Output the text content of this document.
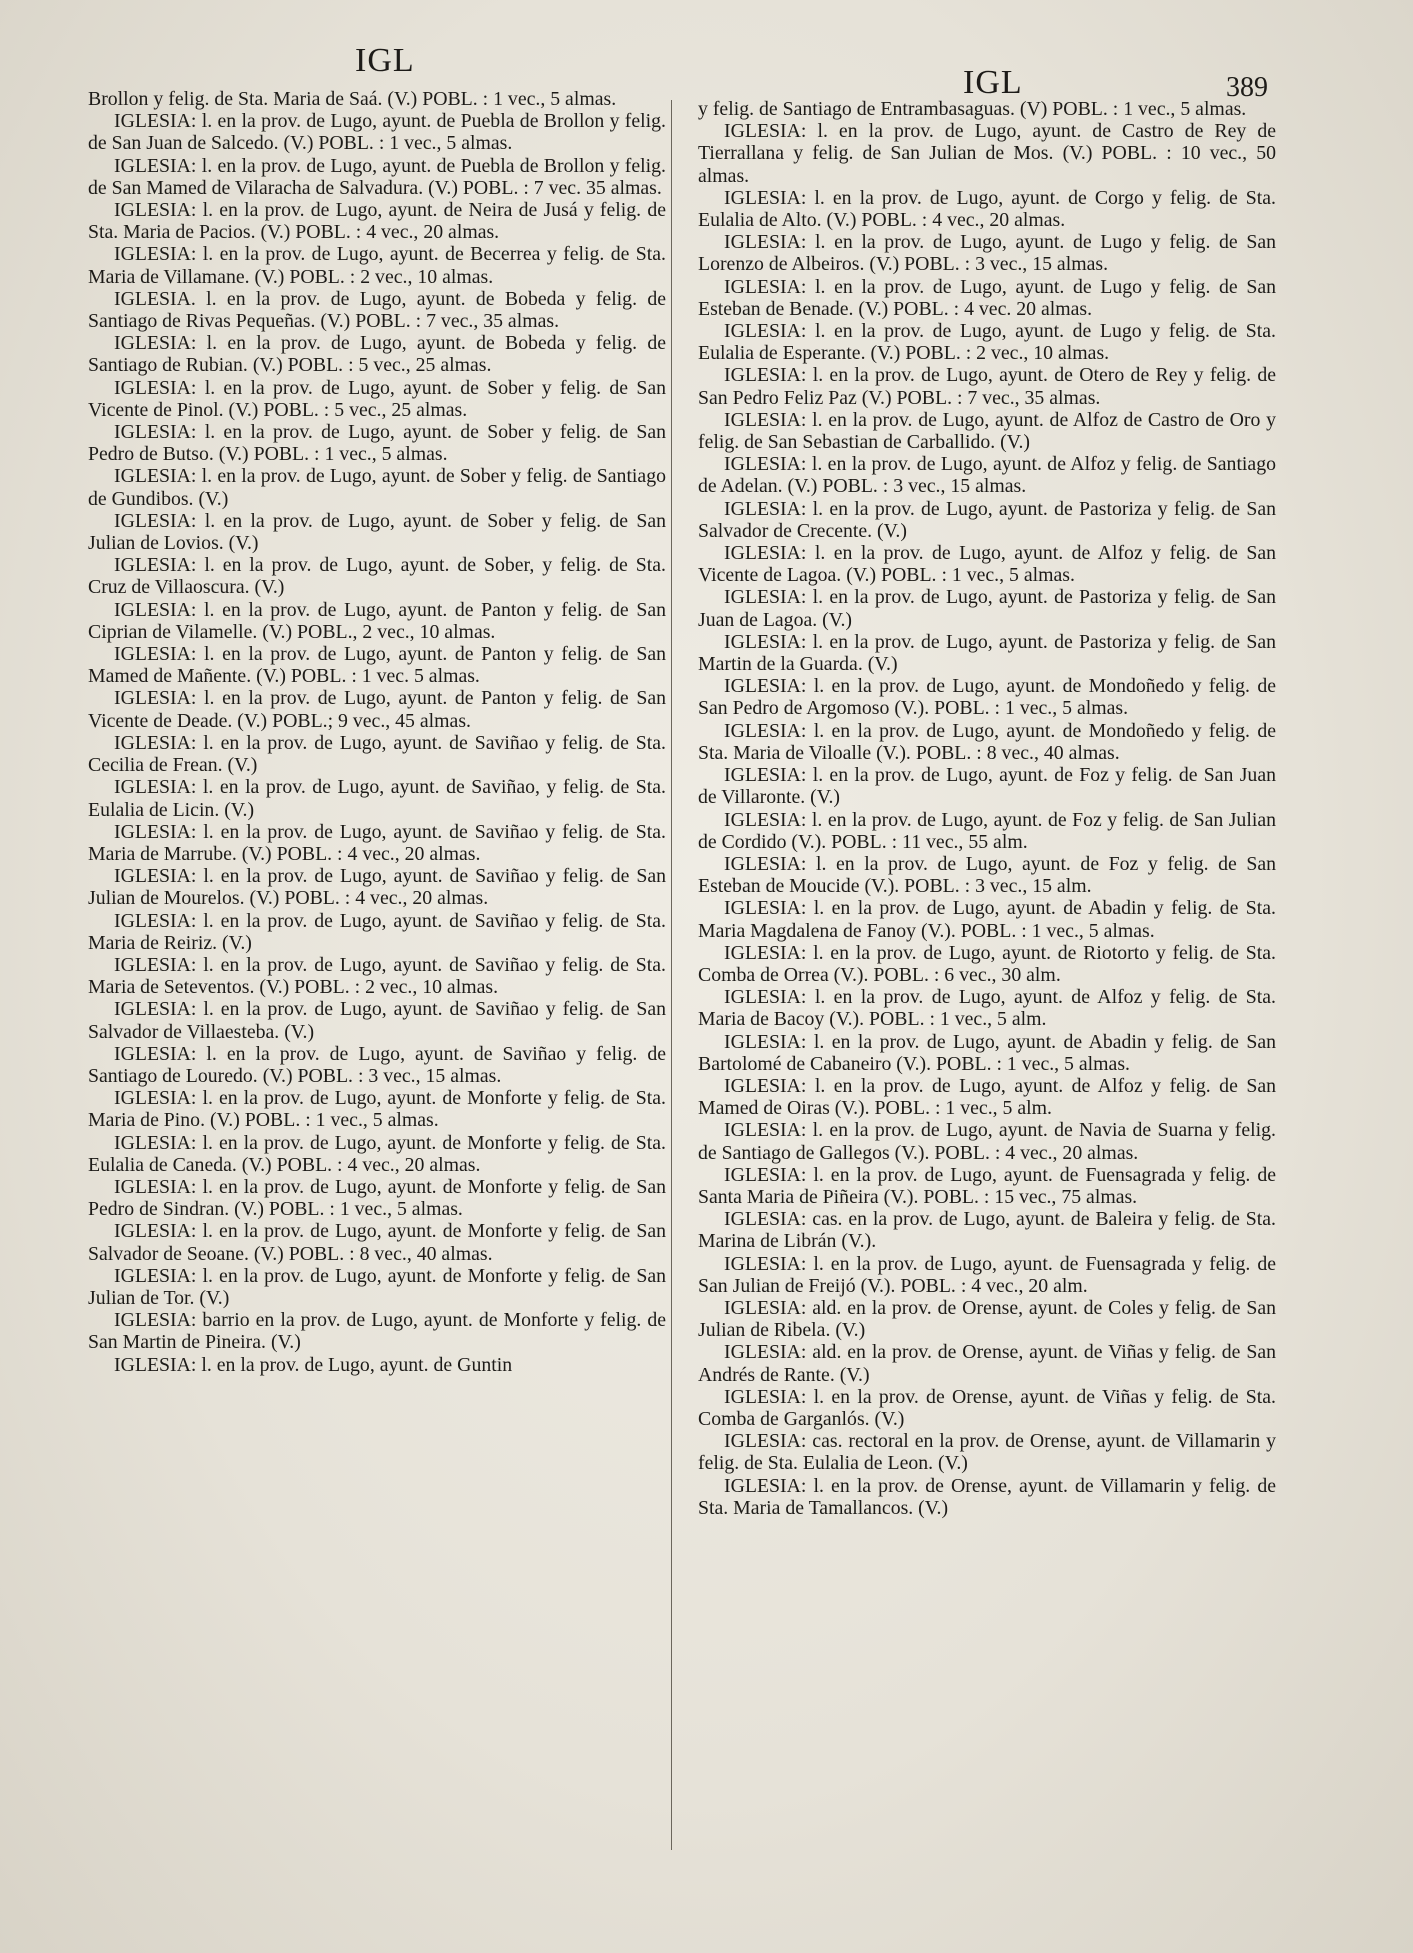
IGL
IGL	389

Brollon y felig. de Sta. Maria de Saá. (V.) POBL. : 1 vec., 5 almas.

IGLESIA: l. en la prov. de Lugo, ayunt. de Puebla de Brollon y felig. de San Juan de Salcedo. (V.) POBL. : 1 vec., 5 almas.

IGLESIA: l. en la prov. de Lugo, ayunt. de Puebla de Brollon y felig. de San Mamed de Vilaracha de Salvadura. (V.) POBL. : 7 vec. 35 almas.

IGLESIA: l. en la prov. de Lugo, ayunt. de Neira de Jusá y felig. de Sta. Maria de Pacios. (V.) POBL. : 4 vec., 20 almas.

IGLESIA: l. en la prov. de Lugo, ayunt. de Becerrea y felig. de Sta. Maria de Villamane. (V.) POBL. : 2 vec., 10 almas.

IGLESIA. l. en la prov. de Lugo, ayunt. de Bobeda y felig. de Santiago de Rivas Pequeñas. (V.) POBL. : 7 vec., 35 almas.

IGLESIA: l. en la prov. de Lugo, ayunt. de Bobeda y felig. de Santiago de Rubian. (V.) POBL. : 5 vec., 25 almas.

IGLESIA: l. en la prov. de Lugo, ayunt. de Sober y felig. de San Vicente de Pinol. (V.) POBL. : 5 vec., 25 almas.

IGLESIA: l. en la prov. de Lugo, ayunt. de Sober y felig. de San Pedro de Butso. (V.) POBL. : 1 vec., 5 almas.

IGLESIA: l. en la prov. de Lugo, ayunt. de Sober y felig. de Santiago de Gundibos. (V.)

IGLESIA: l. en la prov. de Lugo, ayunt. de Sober y felig. de San Julian de Lovios. (V.)

IGLESIA: l. en la prov. de Lugo, ayunt. de Sober, y felig. de Sta. Cruz de Villaoscura. (V.)

IGLESIA: l. en la prov. de Lugo, ayunt. de Panton y felig. de San Ciprian de Vilamelle. (V.) POBL., 2 vec., 10 almas.

IGLESIA: l. en la prov. de Lugo, ayunt. de Panton y felig. de San Mamed de Mañente. (V.) POBL. : 1 vec. 5 almas.

IGLESIA: l. en la prov. de Lugo, ayunt. de Panton y felig. de San Vicente de Deade. (V.) POBL.; 9 vec., 45 almas.

IGLESIA: l. en la prov. de Lugo, ayunt. de Saviñao y felig. de Sta. Cecilia de Frean. (V.)

IGLESIA: l. en la prov. de Lugo, ayunt. de Saviñao, y felig. de Sta. Eulalia de Licin. (V.)

IGLESIA: l. en la prov. de Lugo, ayunt. de Saviñao y felig. de Sta. Maria de Marrube. (V.) POBL. : 4 vec., 20 almas.

IGLESIA: l. en la prov. de Lugo, ayunt. de Saviñao y felig. de San Julian de Mourelos. (V.) POBL. : 4 vec., 20 almas.

IGLESIA: l. en la prov. de Lugo, ayunt. de Saviñao y felig. de Sta. Maria de Reiriz. (V.)

IGLESIA: l. en la prov. de Lugo, ayunt. de Saviñao y felig. de Sta. Maria de Seteventos. (V.) POBL. : 2 vec., 10 almas.

IGLESIA: l. en la prov. de Lugo, ayunt. de Saviñao y felig. de San Salvador de Villaesteba. (V.)

IGLESIA: l. en la prov. de Lugo, ayunt. de Saviñao y felig. de Santiago de Louredo. (V.) POBL. : 3 vec., 15 almas.

IGLESIA: l. en la prov. de Lugo, ayunt. de Monforte y felig. de Sta. Maria de Pino. (V.) POBL. : 1 vec., 5 almas.

IGLESIA: l. en la prov. de Lugo, ayunt. de Monforte y felig. de Sta. Eulalia de Caneda. (V.) POBL. : 4 vec., 20 almas.

IGLESIA: l. en la prov. de Lugo, ayunt. de Monforte y felig. de San Pedro de Sindran. (V.) POBL. : 1 vec., 5 almas.

IGLESIA: l. en la prov. de Lugo, ayunt. de Monforte y felig. de San Salvador de Seoane. (V.) POBL. : 8 vec., 40 almas.

IGLESIA: l. en la prov. de Lugo, ayunt. de Monforte y felig. de San Julian de Tor. (V.)

IGLESIA: barrio en la prov. de Lugo, ayunt. de Monforte y felig. de San Martin de Pineira. (V.)

IGLESIA: l. en la prov. de Lugo, ayunt. de Guntin

y felig. de Santiago de Entrambasaguas. (V) POBL. : 1 vec., 5 almas.

IGLESIA: l. en la prov. de Lugo, ayunt. de Castro de Rey de Tierrallana y felig. de San Julian de Mos. (V.) POBL. : 10 vec., 50 almas.

IGLESIA: l. en la prov. de Lugo, ayunt. de Corgo y felig. de Sta. Eulalia de Alto. (V.) POBL. : 4 vec., 20 almas.

IGLESIA: l. en la prov. de Lugo, ayunt. de Lugo y felig. de San Lorenzo de Albeiros. (V.) POBL. : 3 vec., 15 almas.

IGLESIA: l. en la prov. de Lugo, ayunt. de Lugo y felig. de San Esteban de Benade. (V.) POBL. : 4 vec. 20 almas.

IGLESIA: l. en la prov. de Lugo, ayunt. de Lugo y felig. de Sta. Eulalia de Esperante. (V.) POBL. : 2 vec., 10 almas.

IGLESIA: l. en la prov. de Lugo, ayunt. de Otero de Rey y felig. de San Pedro Feliz Paz (V.) POBL. : 7 vec., 35 almas.

IGLESIA: l. en la prov. de Lugo, ayunt. de Alfoz de Castro de Oro y felig. de San Sebastian de Carballido. (V.)

IGLESIA: l. en la prov. de Lugo, ayunt. de Alfoz y felig. de Santiago de Adelan. (V.) POBL. : 3 vec., 15 almas.

IGLESIA: l. en la prov. de Lugo, ayunt. de Pastoriza y felig. de San Salvador de Crecente. (V.)

IGLESIA: l. en la prov. de Lugo, ayunt. de Alfoz y felig. de San Vicente de Lagoa. (V.) POBL. : 1 vec., 5 almas.

IGLESIA: l. en la prov. de Lugo, ayunt. de Pastoriza y felig. de San Juan de Lagoa. (V.)

IGLESIA: l. en la prov. de Lugo, ayunt. de Pastoriza y felig. de San Martin de la Guarda. (V.)

IGLESIA: l. en la prov. de Lugo, ayunt. de Mondoñedo y felig. de San Pedro de Argomoso (V.). POBL. : 1 vec., 5 almas.

IGLESIA: l. en la prov. de Lugo, ayunt. de Mondoñedo y felig. de Sta. Maria de Viloalle (V.). POBL. : 8 vec., 40 almas.

IGLESIA: l. en la prov. de Lugo, ayunt. de Foz y felig. de San Juan de Villaronte. (V.)

IGLESIA: l. en la prov. de Lugo, ayunt. de Foz y felig. de San Julian de Cordido (V.). POBL. : 11 vec., 55 alm.

IGLESIA: l. en la prov. de Lugo, ayunt. de Foz y felig. de San Esteban de Moucide (V.). POBL. : 3 vec., 15 alm.

IGLESIA: l. en la prov. de Lugo, ayunt. de Abadin y felig. de Sta. Maria Magdalena de Fanoy (V.). POBL. : 1 vec., 5 almas.

IGLESIA: l. en la prov. de Lugo, ayunt. de Riotorto y felig. de Sta. Comba de Orrea (V.). POBL. : 6 vec., 30 alm.

IGLESIA: l. en la prov. de Lugo, ayunt. de Alfoz y felig. de Sta. Maria de Bacoy (V.). POBL. : 1 vec., 5 alm.

IGLESIA: l. en la prov. de Lugo, ayunt. de Abadin y felig. de San Bartolomé de Cabaneiro (V.). POBL. : 1 vec., 5 almas.

IGLESIA: l. en la prov. de Lugo, ayunt. de Alfoz y felig. de San Mamed de Oiras (V.). POBL. : 1 vec., 5 alm.

IGLESIA: l. en la prov. de Lugo, ayunt. de Navia de Suarna y felig. de Santiago de Gallegos (V.). POBL. : 4 vec., 20 almas.

IGLESIA: l. en la prov. de Lugo, ayunt. de Fuensagrada y felig. de Santa Maria de Piñeira (V.). POBL. : 15 vec., 75 almas.

IGLESIA: cas. en la prov. de Lugo, ayunt. de Baleira y felig. de Sta. Marina de Librán (V.).

IGLESIA: l. en la prov. de Lugo, ayunt. de Fuensagrada y felig. de San Julian de Freijó (V.). POBL. : 4 vec., 20 alm.

IGLESIA: ald. en la prov. de Orense, ayunt. de Coles y felig. de San Julian de Ribela. (V.)

IGLESIA: ald. en la prov. de Orense, ayunt. de Viñas y felig. de San Andrés de Rante. (V.)

IGLESIA: l. en la prov. de Orense, ayunt. de Viñas y felig. de Sta. Comba de Garganlós. (V.)

IGLESIA: cas. rectoral en la prov. de Orense, ayunt. de Villamarin y felig. de Sta. Eulalia de Leon. (V.)

IGLESIA: l. en la prov. de Orense, ayunt. de Villamarin y felig. de Sta. Maria de Tamallancos. (V.)
